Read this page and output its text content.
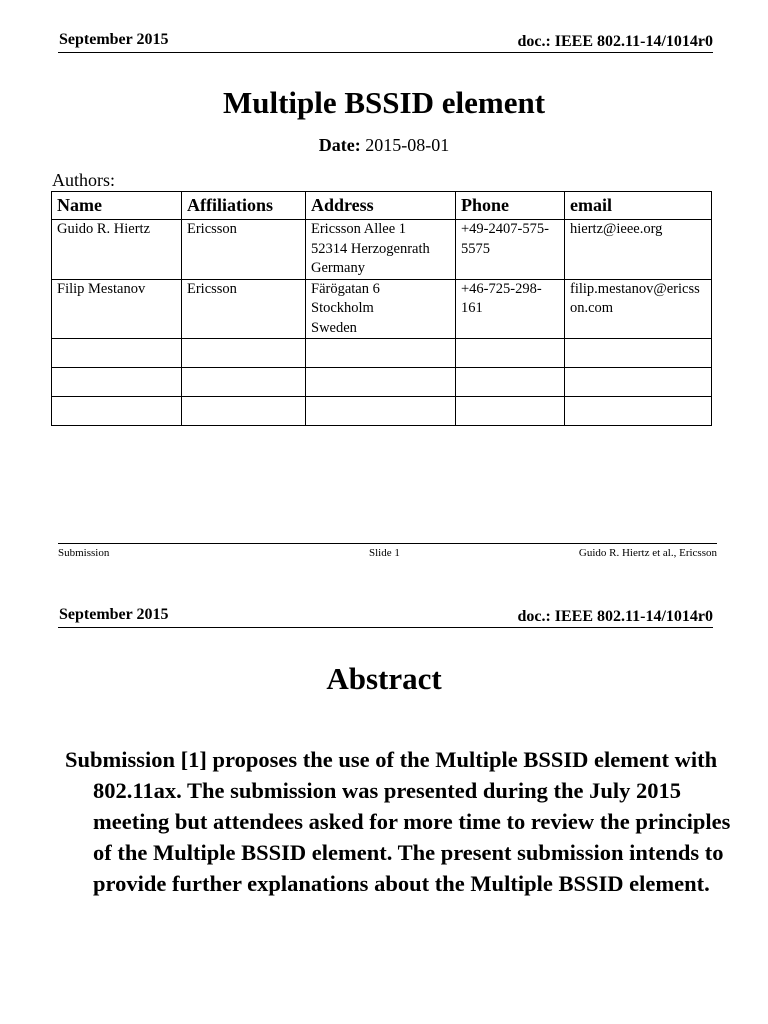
September 2015	doc.: IEEE 802.11-14/1014r0
Multiple BSSID element
Date: 2015-08-01
Authors:
Name	Affiliations	Address	Phone	email
Guido R. Hiertz	Ericsson	Ericsson Allee 1
52314 Herzogenrath
Germany	+49-2407-575-5575	hiertz@ieee.org
Filip Mestanov	Ericsson	Färögatan 6
Stockholm
Sweden	+46-725-298-161	filip.mestanov@ericsson.com

Submission	Slide 1	Guido R. Hiertz et al., Ericsson
September 2015	doc.: IEEE 802.11-14/1014r0
Abstract
Submission [1] proposes the use of the Multiple BSSID element with 802.11ax. The submission was presented during the July 2015 meeting but attendees asked for more time to review the principles of the Multiple BSSID element. The present submission intends to provide further explanations about the Multiple BSSID element.
